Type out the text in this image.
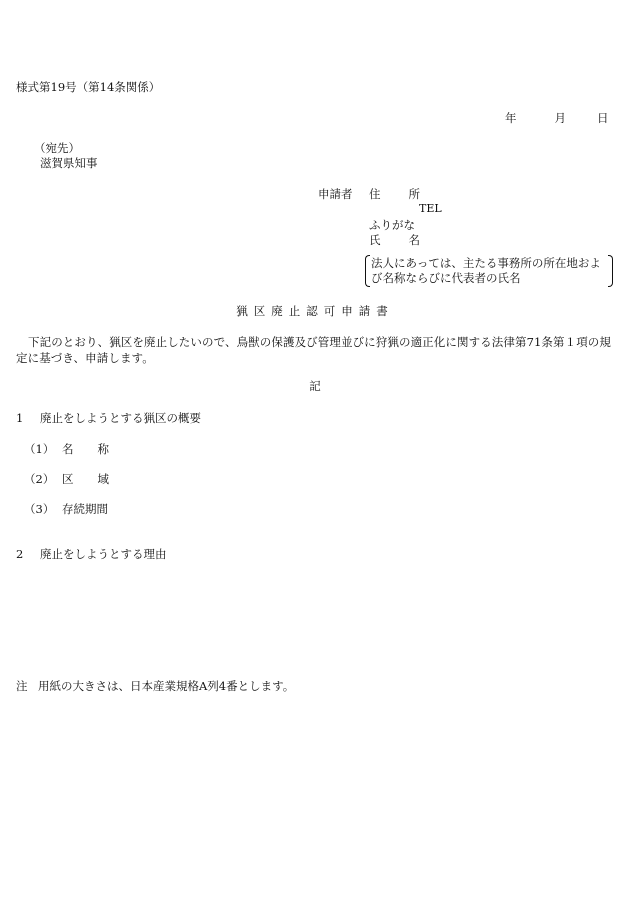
様式第19号（第14条関係）
年	月	日
（宛先）
滋賀県知事
申請者 住 所
TEL
ふりがな
氏 名
法人にあっては、主たる事務所の所在地および名称ならびに代表者の氏名
猟区廃止認可申請書
下記のとおり、猟区を廃止したいので、鳥獣の保護及び管理並びに狩猟の適正化に関する法律第71条第１項の規定に基づき、申請します。
記
1 廃止をしようとする猟区の概要
（1） 名 称
（2） 区 域
（3） 存続期間
2 廃止をしようとする理由
注 用紙の大きさは、日本産業規格A列4番とします。
